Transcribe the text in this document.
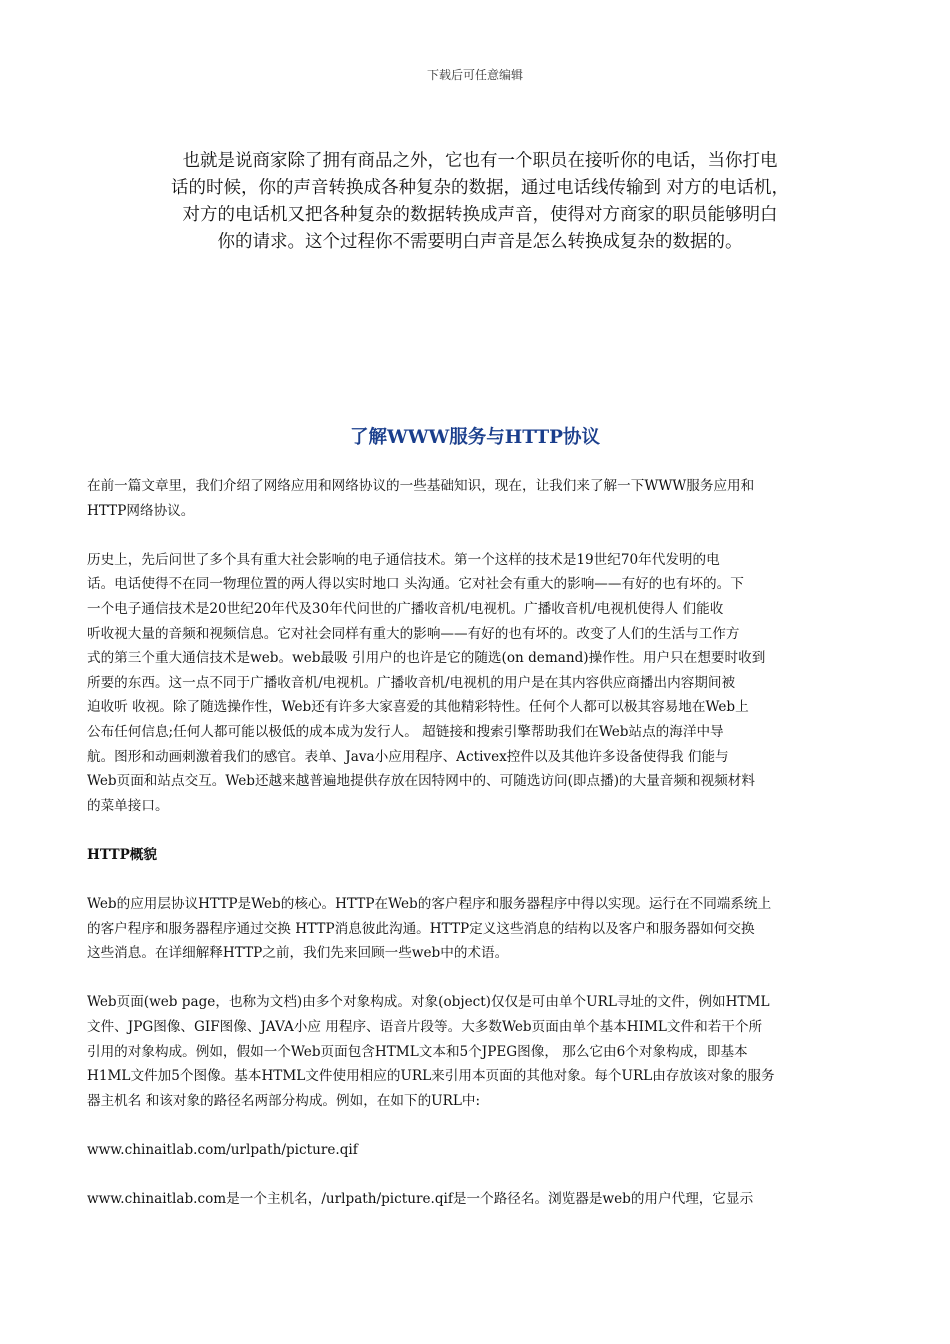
下载后可任意编辑
也就是说商家除了拥有商品之外，它也有一个职员在接听你的电话，当你打电
话的时候，你的声音转换成各种复杂的数据，通过电话线传输到 对方的电话机，
对方的电话机又把各种复杂的数据转换成声音，使得对方商家的职员能够明白
你的请求。这个过程你不需要明白声音是怎么转换成复杂的数据的。
了解WWW服务与HTTP协议

在前一篇文章里，我们介绍了网络应用和网络协议的一些基础知识，现在，让我们来了解一下WWW服务应用和
HTTP网络协议。

历史上，先后问世了多个具有重大社会影响的电子通信技术。第一个这样的技术是19世纪70年代发明的电
话。电话使得不在同一物理位置的两人得以实时地口 头沟通。它对社会有重大的影响——有好的也有坏的。下
一个电子通信技术是20世纪20年代及30年代问世的广播收音机/电视机。广播收音机/电视机使得人 们能收
听收视大量的音频和视频信息。它对社会同样有重大的影响——有好的也有坏的。改变了人们的生活与工作方
式的第三个重大通信技术是web。web最吸 引用户的也许是它的随选(on demand)操作性。用户只在想要时收到
所要的东西。这一点不同于广播收音机/电视机。广播收音机/电视机的用户是在其内容供应商播出内容期间被
迫收听 收视。除了随选操作性，Web还有许多大家喜爱的其他精彩特性。任何个人都可以极其容易地在Web上
公布任何信息;任何人都可能以极低的成本成为发行人。 超链接和搜索引擎帮助我们在Web站点的海洋中导
航。图形和动画刺激着我们的感官。表单、Java小应用程序、Activex控件以及其他许多设备使得我 们能与
Web页面和站点交互。Web还越来越普遍地提供存放在因特网中的、可随选访问(即点播)的大量音频和视频材料
的菜单接口。

HTTP概貌

Web的应用层协议HTTP是Web的核心。HTTP在Web的客户程序和服务器程序中得以实现。运行在不同端系统上
的客户程序和服务器程序通过交换 HTTP消息彼此沟通。HTTP定义这些消息的结构以及客户和服务器如何交换
这些消息。在详细解释HTTP之前，我们先来回顾一些web中的术语。

Web页面(web page，也称为文档)由多个对象构成。对象(object)仅仅是可由单个URL寻址的文件，例如HTML
文件、JPG图像、GIF图像、JAVA小应 用程序、语音片段等。大多数Web页面由单个基本HIML文件和若干个所
引用的对象构成。例如，假如一个Web页面包含HTML文本和5个JPEG图像， 那么它由6个对象构成，即基本
H1ML文件加5个图像。基本HTML文件使用相应的URL来引用本页面的其他对象。每个URL由存放该对象的服务
器主机名 和该对象的路径名两部分构成。例如，在如下的URL中:

www.chinaitlab.com/urlpath/picture.qif

www.chinaitlab.com是一个主机名，/urlpath/picture.qif是一个路径名。浏览器是web的用户代理，它显示
